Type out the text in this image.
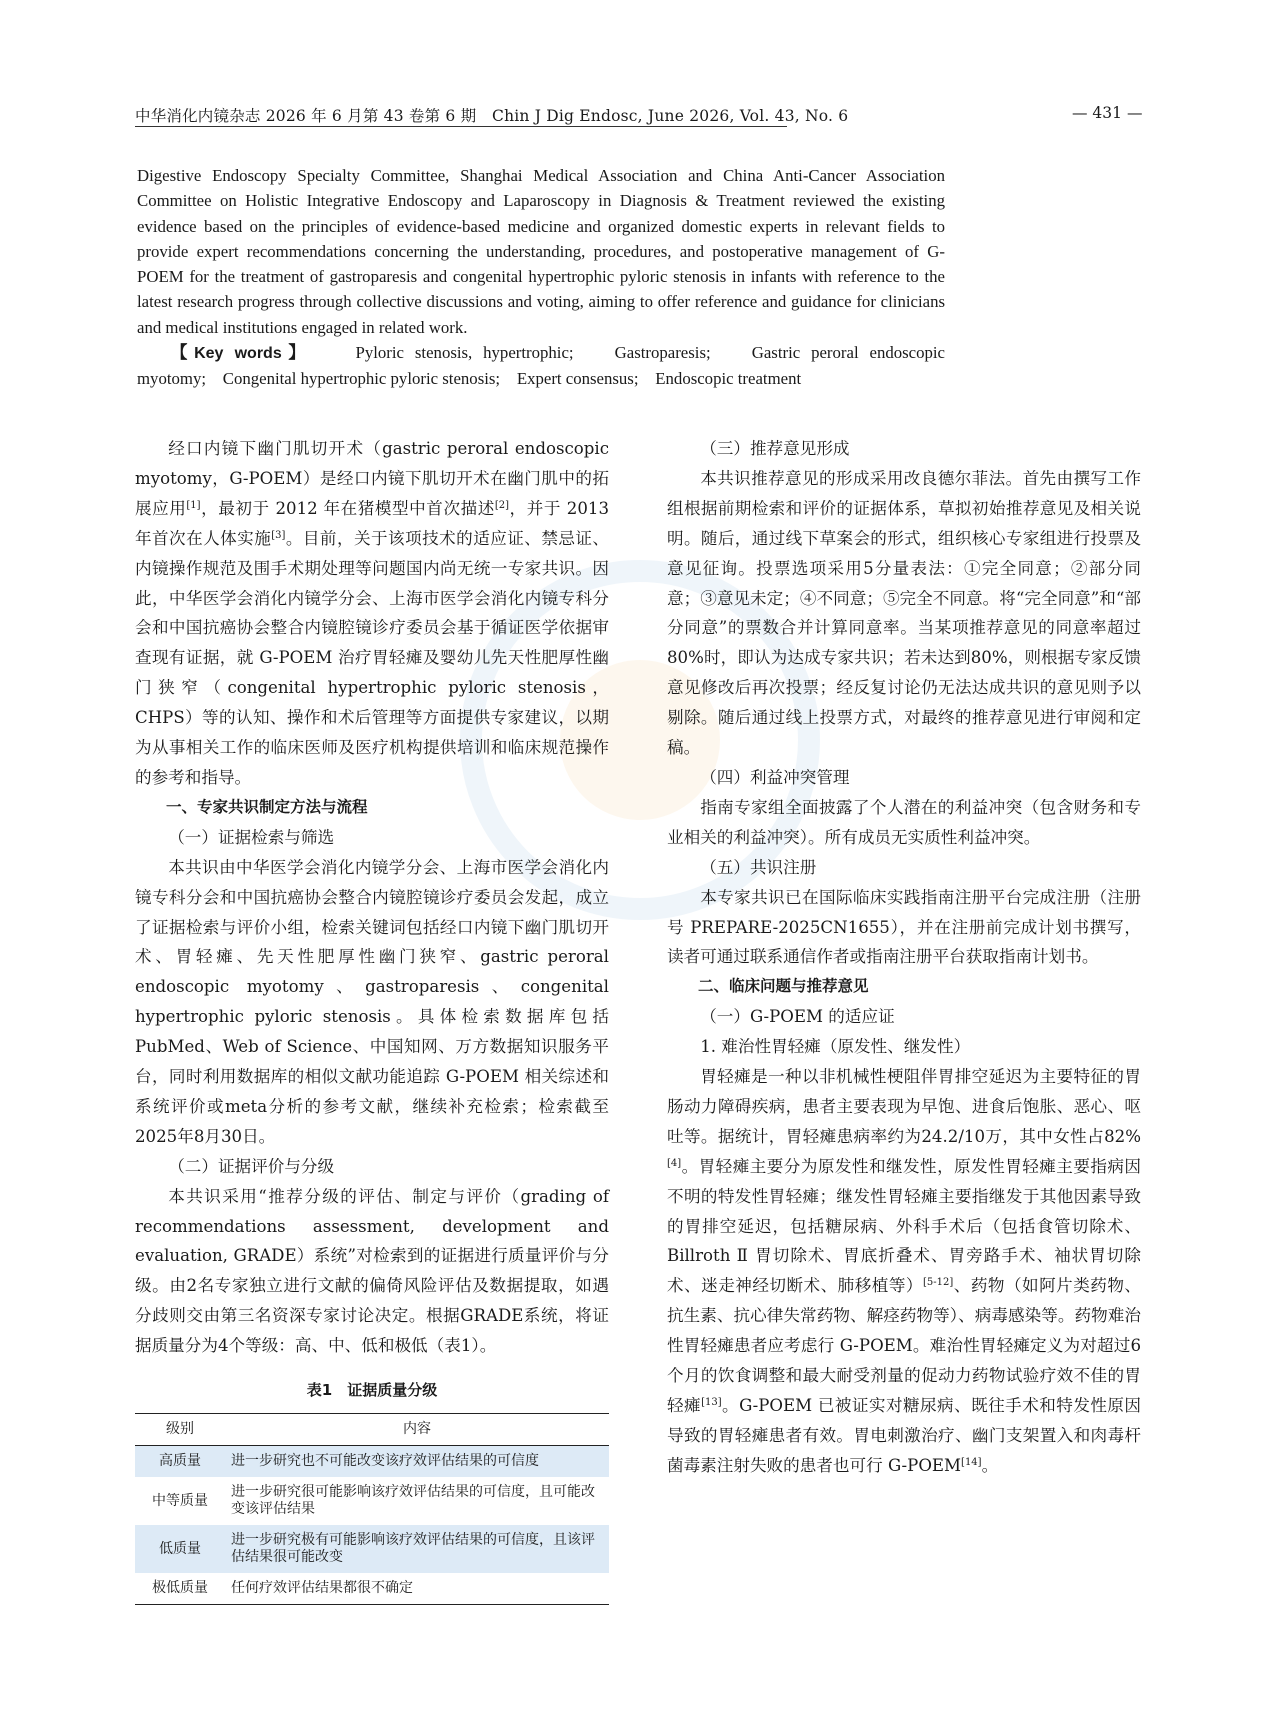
中华消化内镜杂志 2026 年 6 月第 43 卷第 6 期　Chin J Dig Endosc, June 2026, Vol. 43, No. 6	— 431 —

Digestive Endoscopy Specialty Committee, Shanghai Medical Association and China Anti-Cancer Association Committee on Holistic Integrative Endoscopy and Laparoscopy in Diagnosis & Treatment reviewed the existing evidence based on the principles of evidence-based medicine and organized domestic experts in relevant fields to provide expert recommendations concerning the understanding, procedures, and postoperative management of G-POEM for the treatment of gastroparesis and congenital hypertrophic pyloric stenosis in infants with reference to the latest research progress through collective discussions and voting, aiming to offer reference and guidance for clinicians and medical institutions engaged in related work.

【Key words】	Pyloric stenosis, hypertrophic;　 Gastroparesis;　 Gastric peroral endoscopic

myotomy;　Congenital hypertrophic pyloric stenosis;　Expert consensus;　Endoscopic treatment

经口内镜下幽门肌切开术（gastric peroral endoscopic myotomy，G-POEM）是经口内镜下肌切开术在幽门肌中的拓展应用[1]，最初于 2012 年在猪模型中首次描述[2]，并于 2013年首次在人体实施[3]。目前，关于该项技术的适应证、禁忌证、内镜操作规范及围手术期处理等问题国内尚无统一专家共识。因此，中华医学会消化内镜学分会、上海市医学会消化内镜专科分会和中国抗癌协会整合内镜腔镜诊疗委员会基于循证医学依据审查现有证据，就 G-POEM 治疗胃轻瘫及婴幼儿先天性肥厚性幽门狭窄（congenital hypertrophic pyloric stenosis，CHPS）等的认知、操作和术后管理等方面提供专家建议，以期为从事相关工作的临床医师及医疗机构提供培训和临床规范操作的参考和指导。

一、专家共识制定方法与流程

（一）证据检索与筛选

本共识由中华医学会消化内镜学分会、上海市医学会消化内镜专科分会和中国抗癌协会整合内镜腔镜诊疗委员会发起，成立了证据检索与评价小组，检索关键词包括经口内镜下幽门肌切开术、胃轻瘫、先天性肥厚性幽门狭窄、gastric peroral endoscopic myotomy、gastroparesis、congenital hypertrophic pyloric stenosis。具体检索数据库包括 PubMed、Web of Science、中国知网、万方数据知识服务平台，同时利用数据库的相似文献功能追踪 G-POEM 相关综述和系统评价或meta分析的参考文献，继续补充检索；检索截至2025年8月30日。

（二）证据评价与分级

本共识采用“推荐分级的评估、制定与评价（grading of recommendations assessment, development and evaluation, GRADE）系统”对检索到的证据进行质量评价与分级。由2名专家独立进行文献的偏倚风险评估及数据提取，如遇分歧则交由第三名资深专家讨论决定。根据GRADE系统，将证据质量分为4个等级：高、中、低和极低（表1）。

表1　证据质量分级
级别	内容
高质量	进一步研究也不可能改变该疗效评估结果的可信度
中等质量	进一步研究很可能影响该疗效评估结果的可信度，且可能改变该评估结果
低质量	进一步研究极有可能影响该疗效评估结果的可信度，且该评估结果很可能改变
极低质量	任何疗效评估结果都很不确定

（三）推荐意见形成

本共识推荐意见的形成采用改良德尔菲法。首先由撰写工作组根据前期检索和评价的证据体系，草拟初始推荐意见及相关说明。随后，通过线下草案会的形式，组织核心专家组进行投票及意见征询。投票选项采用5分量表法：①完全同意；②部分同意；③意见未定；④不同意；⑤完全不同意。将“完全同意”和“部分同意”的票数合并计算同意率。当某项推荐意见的同意率超过80%时，即认为达成专家共识；若未达到80%，则根据专家反馈意见修改后再次投票；经反复讨论仍无法达成共识的意见则予以剔除。随后通过线上投票方式，对最终的推荐意见进行审阅和定稿。

（四）利益冲突管理

指南专家组全面披露了个人潜在的利益冲突（包含财务和专业相关的利益冲突）。所有成员无实质性利益冲突。

（五）共识注册

本专家共识已在国际临床实践指南注册平台完成注册（注册号 PREPARE-2025CN1655），并在注册前完成计划书撰写，读者可通过联系通信作者或指南注册平台获取指南计划书。

二、临床问题与推荐意见

（一）G-POEM 的适应证

1. 难治性胃轻瘫（原发性、继发性）

胃轻瘫是一种以非机械性梗阻伴胃排空延迟为主要特征的胃肠动力障碍疾病，患者主要表现为早饱、进食后饱胀、恶心、呕吐等。据统计，胃轻瘫患病率约为24.2/10万，其中女性占82%[4]。胃轻瘫主要分为原发性和继发性，原发性胃轻瘫主要指病因不明的特发性胃轻瘫；继发性胃轻瘫主要指继发于其他因素导致的胃排空延迟，包括糖尿病、外科手术后（包括食管切除术、Billroth Ⅱ 胃切除术、胃底折叠术、胃旁路手术、袖状胃切除术、迷走神经切断术、肺移植等）[5-12]、药物（如阿片类药物、抗生素、抗心律失常药物、解痉药物等）、病毒感染等。药物难治性胃轻瘫患者应考虑行 G-POEM。难治性胃轻瘫定义为对超过6个月的饮食调整和最大耐受剂量的促动力药物试验疗效不佳的胃轻瘫[13]。G-POEM 已被证实对糖尿病、既往手术和特发性原因导致的胃轻瘫患者有效。胃电刺激治疗、幽门支架置入和肉毒杆菌毒素注射失败的患者也可行 G-POEM[14]。
